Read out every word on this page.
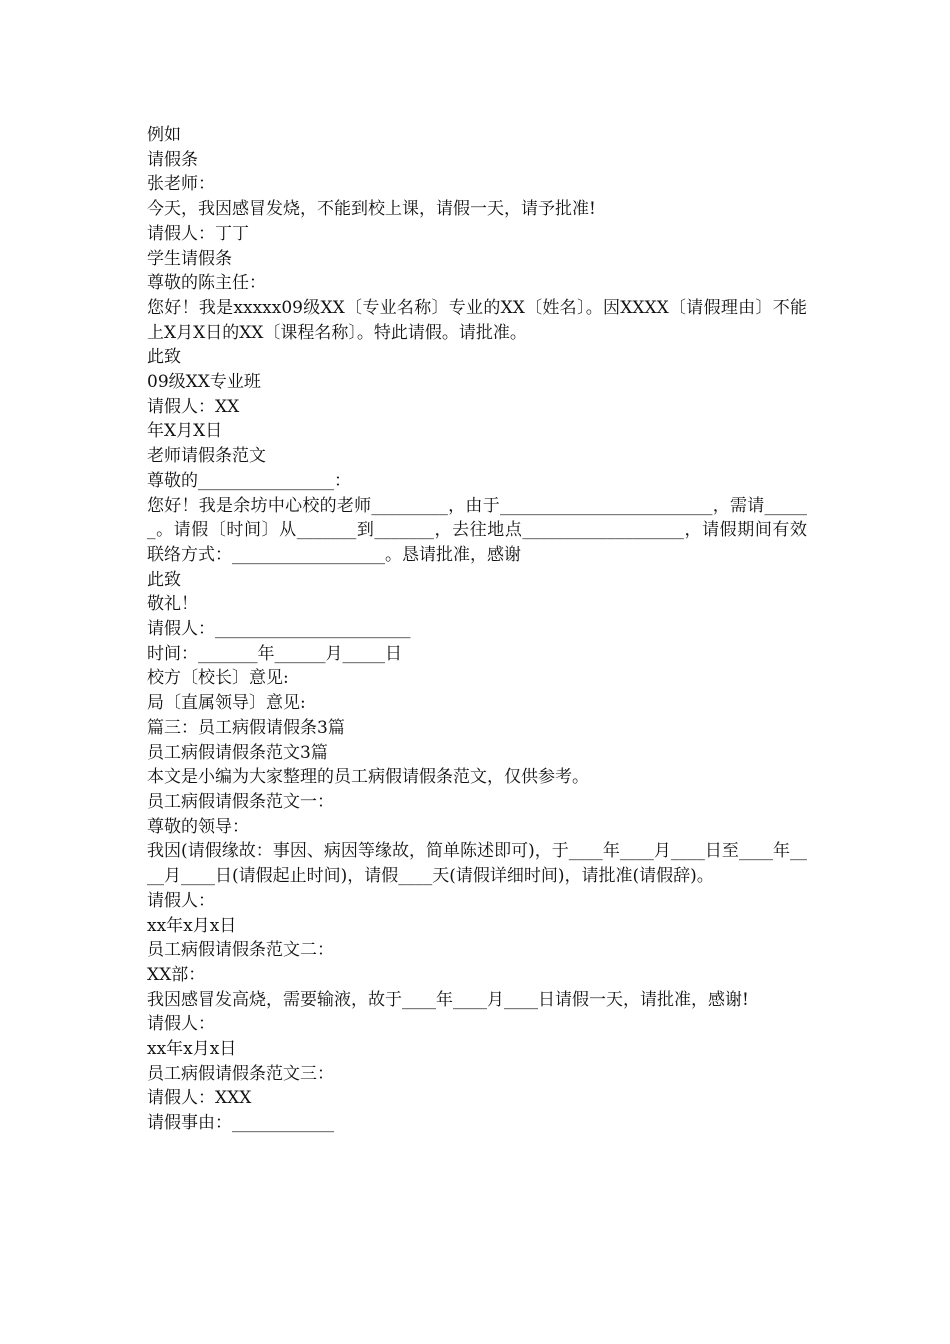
例如

请假条

张老师：

今天，我因感冒发烧，不能到校上课，请假一天，请予批准!

请假人：丁丁

学生请假条

尊敬的陈主任：

您好！我是xxxxx09级XX〔专业名称〕专业的XX〔姓名〕。因XXXX〔请假理由〕不能上X月X日的XX〔课程名称〕。特此请假。请批准。

此致

09级XX专业班

请假人：XX

年X月X日

老师请假条范文

尊敬的________________：

您好！我是余坊中心校的老师_________，由于_________________________，需请______。请假〔时间〕从_______到_______，去往地点___________________，请假期间有效联络方式：__________________。恳请批准，感谢

此致

敬礼！

请假人：_______________________

时间：_______年______月_____日

校方〔校长〕意见:

局〔直属领导〕意见:

篇三：员工病假请假条3篇

员工病假请假条范文3篇

本文是小编为大家整理的员工病假请假条范文，仅供参考。

员工病假请假条范文一：

尊敬的领导：

我因(请假缘故：事因、病因等缘故，简单陈述即可)，于____年____月____日至____年____月____日(请假起止时间)，请假____天(请假详细时间)，请批准(请假辞)。

请假人：

xx年x月x日

员工病假请假条范文二：

XX部：

我因感冒发高烧，需要输液，故于____年____月____日请假一天，请批准，感谢!

请假人：

xx年x月x日

员工病假请假条范文三：

请假人：XXX

请假事由：____________
